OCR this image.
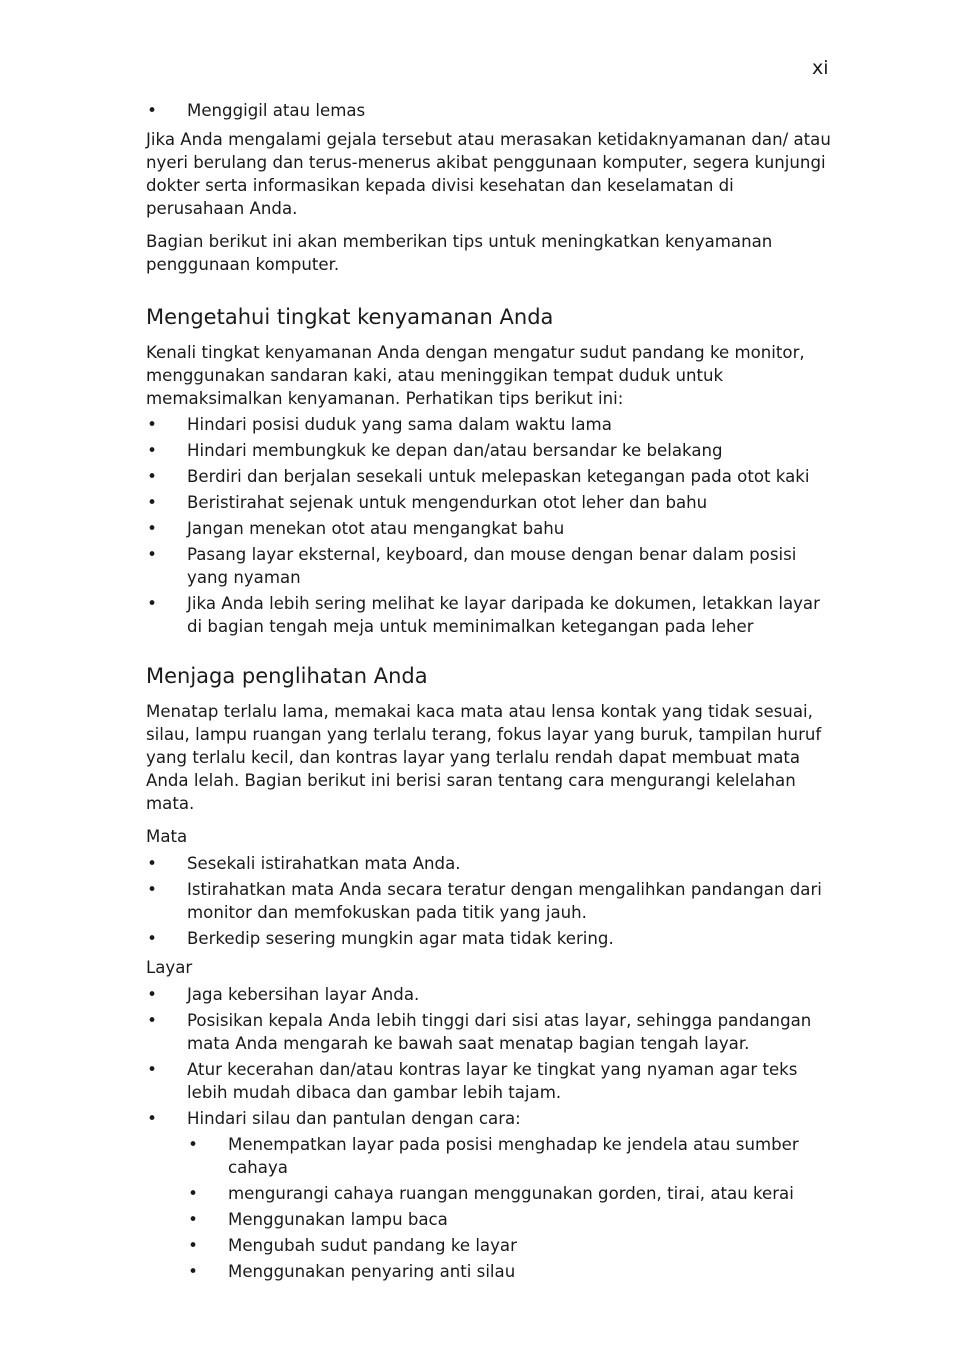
xi
• Menggigil atau lemas

Jika Anda mengalami gejala tersebut atau merasakan ketidaknyamanan dan/ atau nyeri berulang dan terus-menerus akibat penggunaan komputer, segera kunjungi dokter serta informasikan kepada divisi kesehatan dan keselamatan di perusahaan Anda.

Bagian berikut ini akan memberikan tips untuk meningkatkan kenyamanan penggunaan komputer.

Mengetahui tingkat kenyamanan Anda

Kenali tingkat kenyamanan Anda dengan mengatur sudut pandang ke monitor, menggunakan sandaran kaki, atau meninggikan tempat duduk untuk memaksimalkan kenyamanan. Perhatikan tips berikut ini:

• Hindari posisi duduk yang sama dalam waktu lama
• Hindari membungkuk ke depan dan/atau bersandar ke belakang
• Berdiri dan berjalan sesekali untuk melepaskan ketegangan pada otot kaki
• Beristirahat sejenak untuk mengendurkan otot leher dan bahu
• Jangan menekan otot atau mengangkat bahu
• Pasang layar eksternal, keyboard, dan mouse dengan benar dalam posisi yang nyaman
• Jika Anda lebih sering melihat ke layar daripada ke dokumen, letakkan layar di bagian tengah meja untuk meminimalkan ketegangan pada leher
Menjaga penglihatan Anda

Menatap terlalu lama, memakai kaca mata atau lensa kontak yang tidak sesuai, silau, lampu ruangan yang terlalu terang, fokus layar yang buruk, tampilan huruf yang terlalu kecil, dan kontras layar yang terlalu rendah dapat membuat mata Anda lelah. Bagian berikut ini berisi saran tentang cara mengurangi kelelahan mata.

Mata

• Sesekali istirahatkan mata Anda.
• Istirahatkan mata Anda secara teratur dengan mengalihkan pandangan dari monitor dan memfokuskan pada titik yang jauh.
• Berkedip sesering mungkin agar mata tidak kering.

Layar

• Jaga kebersihan layar Anda.
• Posisikan kepala Anda lebih tinggi dari sisi atas layar, sehingga pandangan mata Anda mengarah ke bawah saat menatap bagian tengah layar.
• Atur kecerahan dan/atau kontras layar ke tingkat yang nyaman agar teks lebih mudah dibaca dan gambar lebih tajam.
• Hindari silau dan pantulan dengan cara:
• Menempatkan layar pada posisi menghadap ke jendela atau sumber cahaya
• mengurangi cahaya ruangan menggunakan gorden, tirai, atau kerai
• Menggunakan lampu baca
• Mengubah sudut pandang ke layar
• Menggunakan penyaring anti silau
